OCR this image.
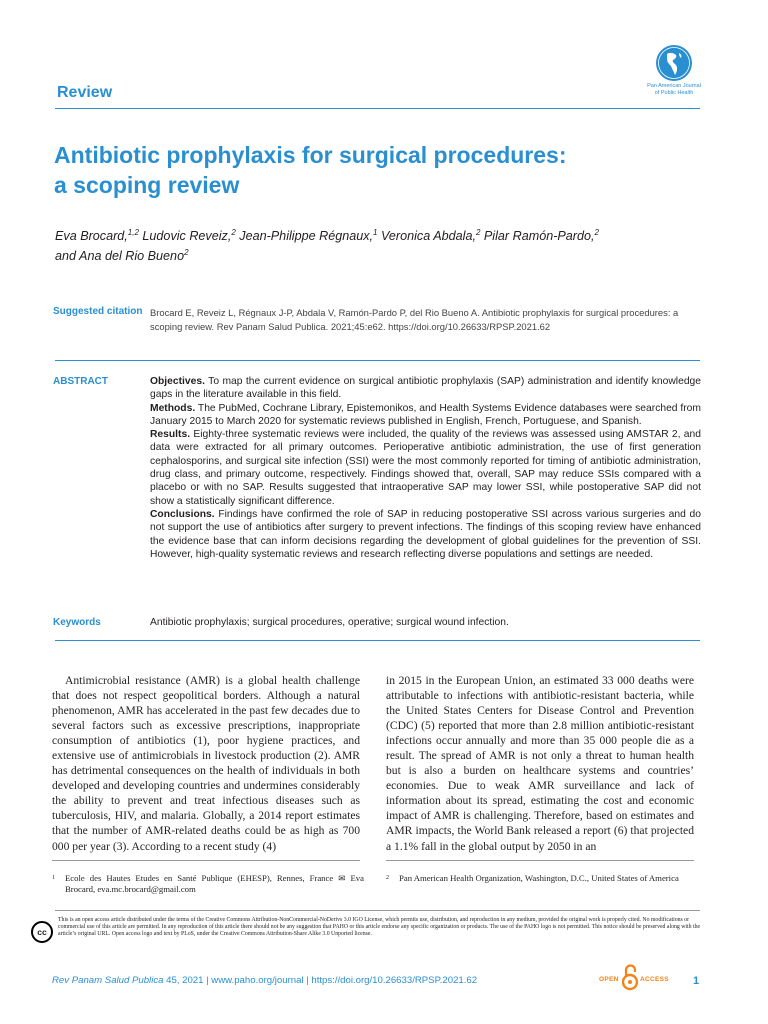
Review	Pan American Journal
of Public Health
Antibiotic prophylaxis for surgical procedures:
a scoping review
Eva Brocard,$^{1,2}$ Ludovic Reveiz,$^2$ Jean-Philippe Régnaux,$^1$ Veronica Abdala,$^2$ Pilar Ramón-Pardo,$^2$
and Ana del Rio Bueno$^2$
Suggested citation Brocard E, Reveiz L, Régnaux J-P, Abdala V, Ramón-Pardo P, del Rio Bueno A. Antibiotic prophylaxis for surgical procedures: a scoping review. Rev Panam Salud Publica. 2021;45:e62. https://doi.org/10.26633/RPSP.2021.62
ABSTRACT	Objectives. To map the current evidence on surgical antibiotic prophylaxis (SAP) administration and identify knowledge gaps in the literature available in this field.

Methods. The PubMed, Cochrane Library, Epistemonikos, and Health Systems Evidence databases were searched from January 2015 to March 2020 for systematic reviews published in English, French, Portuguese, and Spanish.

Results. Eighty-three systematic reviews were included, the quality of the reviews was assessed using AMSTAR 2, and data were extracted for all primary outcomes. Perioperative antibiotic administration, the use of first generation cephalosporins, and surgical site infection (SSI) were the most commonly reported for timing of antibiotic administration, drug class, and primary outcome, respectively. Findings showed that, overall, SAP may reduce SSIs compared with a placebo or with no SAP. Results suggested that intraoperative SAP may lower SSI, while postoperative SAP did not show a statistically significant difference.

Conclusions. Findings have confirmed the role of SAP in reducing postoperative SSI across various surgeries and do not support the use of antibiotics after surgery to prevent infections. The findings of this scoping review have enhanced the evidence base that can inform decisions regarding the development of global guidelines for the prevention of SSI. However, high-quality systematic reviews and research reflecting diverse populations and settings are needed.

Keywords	Antibiotic prophylaxis; surgical procedures, operative; surgical wound infection.
Antimicrobial resistance (AMR) is a global health challenge that does not respect geopolitical borders. Although a natural phenomenon, AMR has accelerated in the past few decades due to several factors such as excessive prescriptions, inappropriate consumption of antibiotics (1), poor hygiene practices, and extensive use of antimicrobials in livestock production (2). AMR has detrimental consequences on the health of individuals in both developed and developing countries and undermines considerably the ability to prevent and treat infectious diseases such as tuberculosis, HIV, and malaria. Globally, a 2014 report estimates that the number of AMR-related deaths could be as high as 700 000 per year (3). According to a recent study (4)
in 2015 in the European Union, an estimated 33 000 deaths were attributable to infections with antibiotic-resistant bacteria, while the United States Centers for Disease Control and Prevention (CDC) (5) reported that more than 2.8 million antibiotic-resistant infections occur annually and more than 35 000 people die as a result. The spread of AMR is not only a threat to human health but is also a burden on healthcare systems and countries’ economies. Due to weak AMR surveillance and lack of information about its spread, estimating the cost and economic impact of AMR is challenging. Therefore, based on estimates and AMR impacts, the World Bank released a report (6) that projected a 1.1% fall in the global output by 2050 in an
1	Ecole des Hautes Etudes en Santé Publique (EHESP), Rennes, France ✉ Eva Brocard, eva.mc.brocard@gmail.com
2	Pan American Health Organization, Washington, D.C., United States of America
cc
This is an open access article distributed under the terms of the Creative Commons Attribution-NonCommercial-NoDerivs 3.0 IGO License, which permits use, distribution, and reproduction in any medium, provided the original work is properly cited. No modifications or commercial use of this article are permitted. In any reproduction of this article there should not be any suggestion that PAHO or this article endorse any specific organization or products. The use of the PAHO logo is not permitted. This notice should be preserved along with the article’s original URL. Open access logo and text by PLoS, under the Creative Commons Attribution-Share Alike 3.0 Unported license.
Rev Panam Salud Publica 45, 2021 | www.paho.org/journal | https://doi.org/10.26633/RPSP.2021.62	OPEN	ACCESS 1
